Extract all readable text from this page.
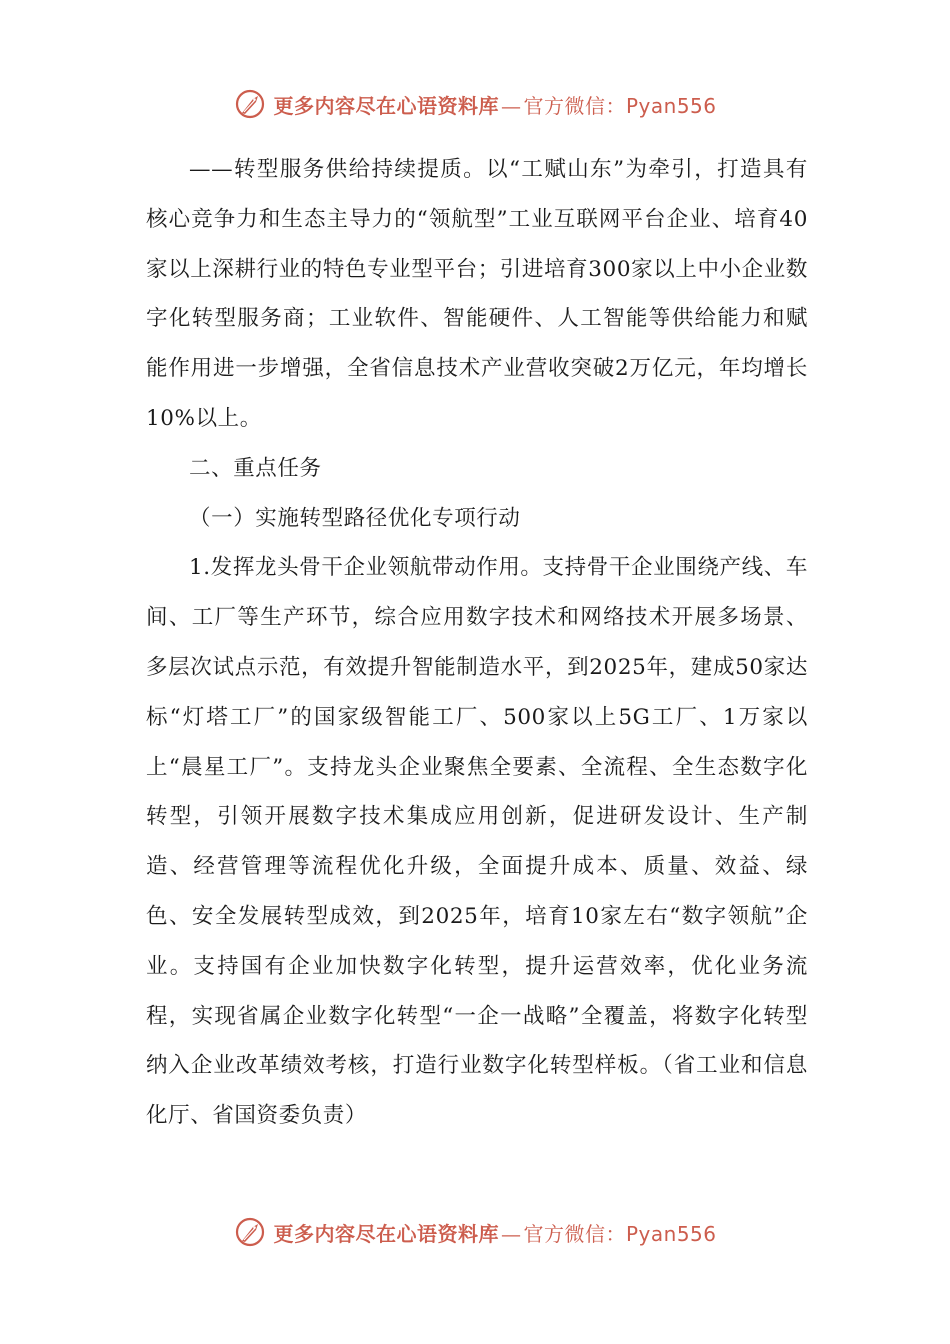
更多内容尽在心语资料库 — 官方微信：Pyan556

——转型服务供给持续提质。以“工赋山东”为牵引，打造具有核心竞争力和生态主导力的“领航型”工业互联网平台企业、培育40家以上深耕行业的特色专业型平台；引进培育300家以上中小企业数字化转型服务商；工业软件、智能硬件、人工智能等供给能力和赋能作用进一步增强，全省信息技术产业营收突破2万亿元，年均增长10%以上。

二、重点任务

（一）实施转型路径优化专项行动

1.发挥龙头骨干企业领航带动作用。支持骨干企业围绕产线、车间、工厂等生产环节，综合应用数字技术和网络技术开展多场景、多层次试点示范，有效提升智能制造水平，到2025年，建成50家达标“灯塔工厂”的国家级智能工厂、500家以上5G工厂、1万家以上“晨星工厂”。支持龙头企业聚焦全要素、全流程、全生态数字化转型，引领开展数字技术集成应用创新，促进研发设计、生产制造、经营管理等流程优化升级，全面提升成本、质量、效益、绿色、安全发展转型成效，到2025年，培育10家左右“数字领航”企业。支持国有企业加快数字化转型，提升运营效率，优化业务流程，实现省属企业数字化转型“一企一战略”全覆盖，将数字化转型纳入企业改革绩效考核，打造行业数字化转型样板。（省工业和信息化厅、省国资委负责）

更多内容尽在心语资料库 — 官方微信：Pyan556
